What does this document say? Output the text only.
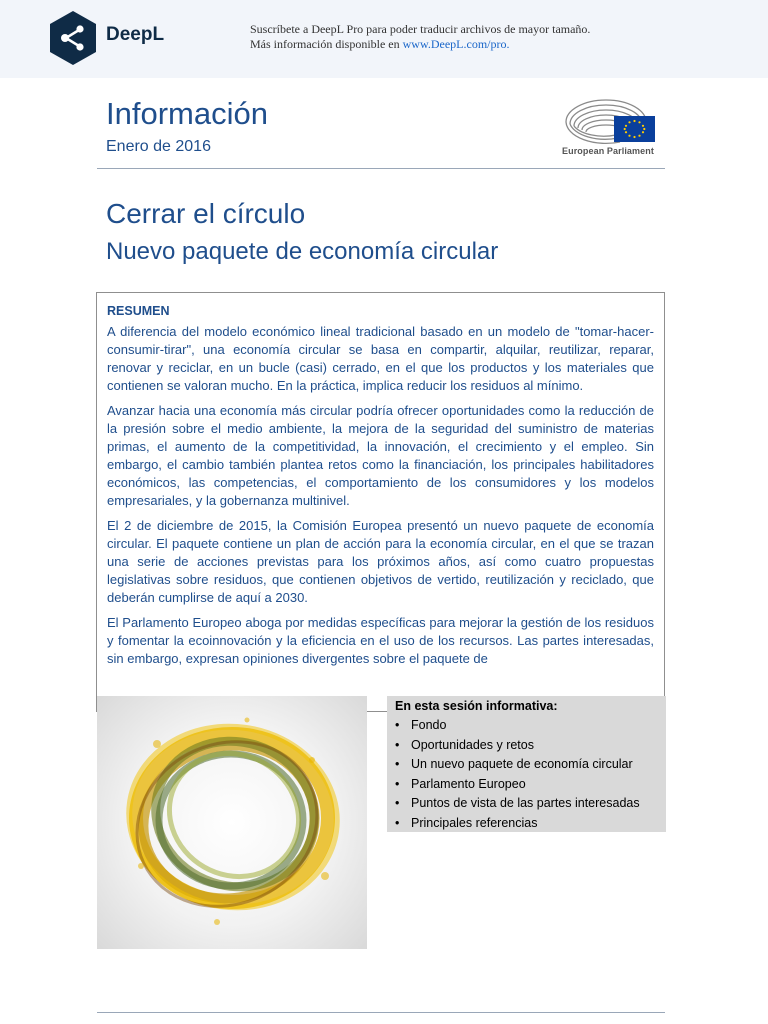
DeepL	Suscríbete a DeepL Pro para poder traducir archivos de mayor tamaño.
Más información disponible en www.DeepL.com/pro.
Información
Enero de 2016	European Parliament
Cerrar el círculo
Nuevo paquete de economía circular
RESUMEN

A diferencia del modelo económico lineal tradicional basado en un modelo de "tomar-hacer-consumir-tirar", una economía circular se basa en compartir, alquilar, reutilizar, reparar, renovar y reciclar, en un bucle (casi) cerrado, en el que los productos y los materiales que contienen se valoran mucho. En la práctica, implica reducir los residuos al mínimo.

Avanzar hacia una economía más circular podría ofrecer oportunidades como la reducción de la presión sobre el medio ambiente, la mejora de la seguridad del suministro de materias primas, el aumento de la competitividad, la innovación, el crecimiento y el empleo. Sin embargo, el cambio también plantea retos como la financiación, los principales habilitadores económicos, las competencias, el comportamiento de los consumidores y los modelos empresariales, y la gobernanza multinivel.

El 2 de diciembre de 2015, la Comisión Europea presentó un nuevo paquete de economía circular. El paquete contiene un plan de acción para la economía circular, en el que se trazan una serie de acciones previstas para los próximos años, así como cuatro propuestas legislativas sobre residuos, que contienen objetivos de vertido, reutilización y reciclado, que deberán cumplirse de aquí a 2030.

El Parlamento Europeo aboga por medidas específicas para mejorar la gestión de los residuos y fomentar la ecoinnovación y la eficiencia en el uso de los recursos. Las partes interesadas, sin embargo, expresan opiniones divergentes sobre el paquete de

En esta sesión informativa:
• Fondo
• Oportunidades y retos
• Un nuevo paquete de economía circular
• Parlamento Europeo
• Puntos de vista de las partes interesadas
• Principales referencias
